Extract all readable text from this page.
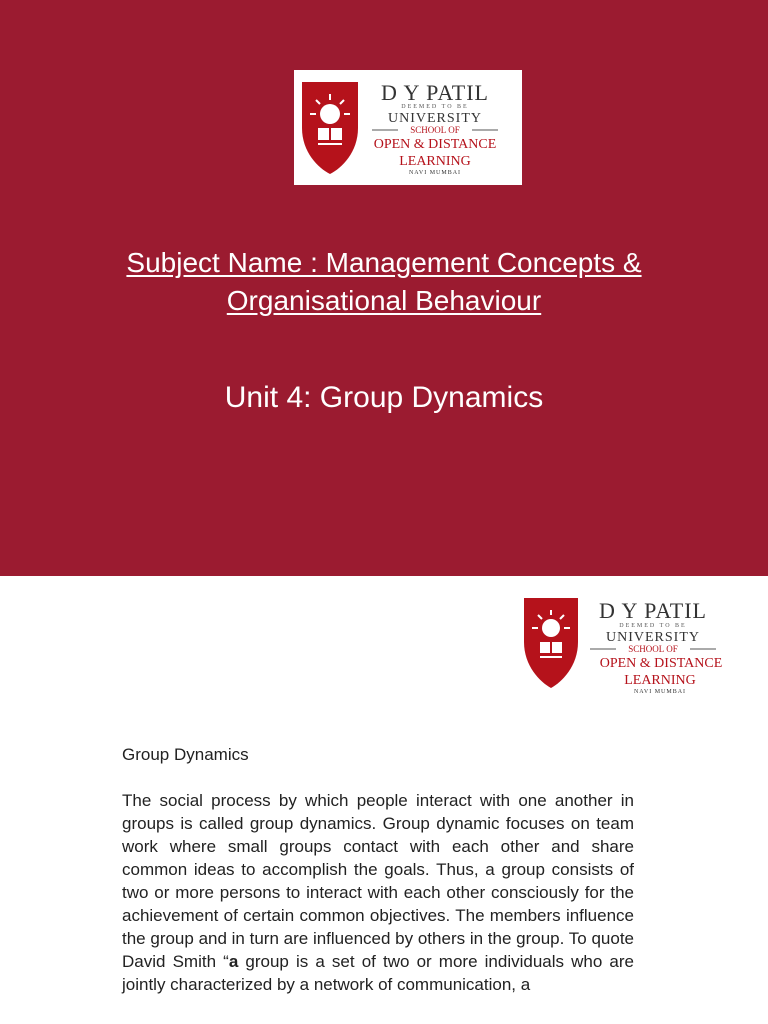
D Y PATIL
DEEMED TO BE
UNIVERSITY
SCHOOL OF
OPEN & DISTANCE
LEARNING
NAVI MUMBAI
Subject Name : Management Concepts &
Organisational Behaviour
Unit 4: Group Dynamics
D Y PATIL
DEEMED TO BE
UNIVERSITY
SCHOOL OF
OPEN & DISTANCE
LEARNING
NAVI MUMBAI
Group Dynamics
The social process by which people interact with one another in groups is called group dynamics. Group dynamic focuses on team work where small groups contact with each other and share common ideas to accomplish the goals. Thus, a group consists of two or more persons to interact with each other consciously for the achievement of certain common objectives. The members influence the group and in turn are influenced by others in the group. To quote David Smith “a group is a set of two or more individuals who are jointly characterized by a network of communication, a
